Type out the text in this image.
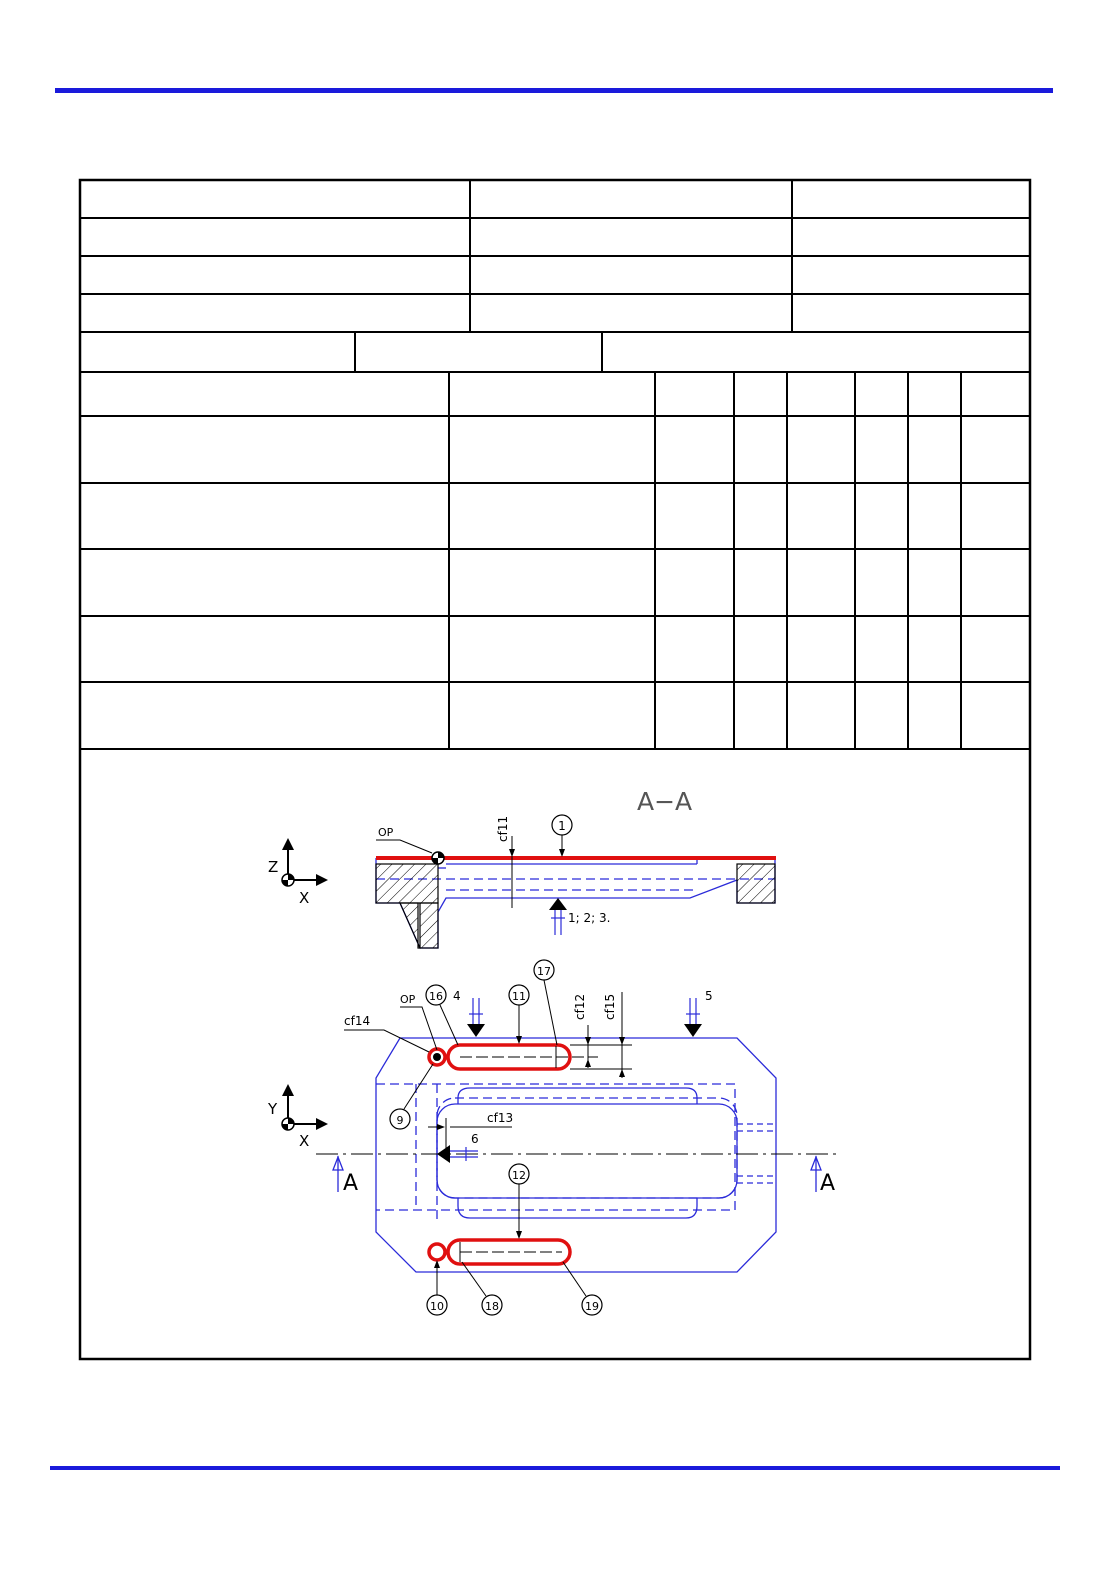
A−A
Z
X
OP	cf11	1
1; 2; 3.
Y
X
A	A
OP
cf14
16 4	11
17
cf12 cf15	5
9	cf13
6
12
10	18	19
